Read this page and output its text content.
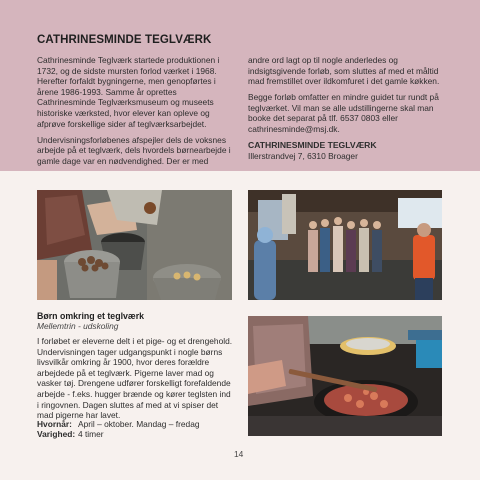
CATHRINESMINDE TEGLVÆRK

Cathrinesminde Teglværk startede produktionen i 1732, og de sidste mursten forlod værket i 1968. Herefter forfaldt bygningerne, men genopførtes i årene 1986-1993. Samme år oprettes Cathrinesminde Teglværksmuseum og museets historiske værksted, hvor elever kan opleve og afprøve forskellige sider af teglværksarbejdet.

Undervisningsforløbenes afspejler dels de voksnes arbejde på et teglværk, dels hvordels børnearbejde i gamle dage var en nødvendighed. Der er med

andre ord lagt op til nogle anderledes og indsigtsgivende forløb, som sluttes af med et måltid mad fremstillet over ildkomfuret i det gamle køkken.

Begge forløb omfatter en mindre guidet tur rundt på teglværket. Vil man se alle udstillingerne skal man booke det separat på tlf. 6537 0803 eller cathrinesminde@msj.dk.

CATHRINESMINDE TEGLVÆRK
Illerstrandvej 7, 6310 Broager
Børn omkring et teglværk
Mellemtrin - udskoling
I forløbet er eleverne delt i et pige- og et drengehold. Undervisningen tager udgangspunkt i nogle børns livsvilkår omkring år 1900, hvor deres forældre arbejdede på et teglværk. Pigerne laver mad og vasker tøj. Drengene udfører forskelligt forefaldende arbejde - f.eks. hugger brænde og kører teglsten ind i ringovnen. Dagen sluttes af med at vi spiser det mad pigerne har lavet.
Hvornår: April – oktober. Mandag – fredag
Varighed: 4 timer
14
